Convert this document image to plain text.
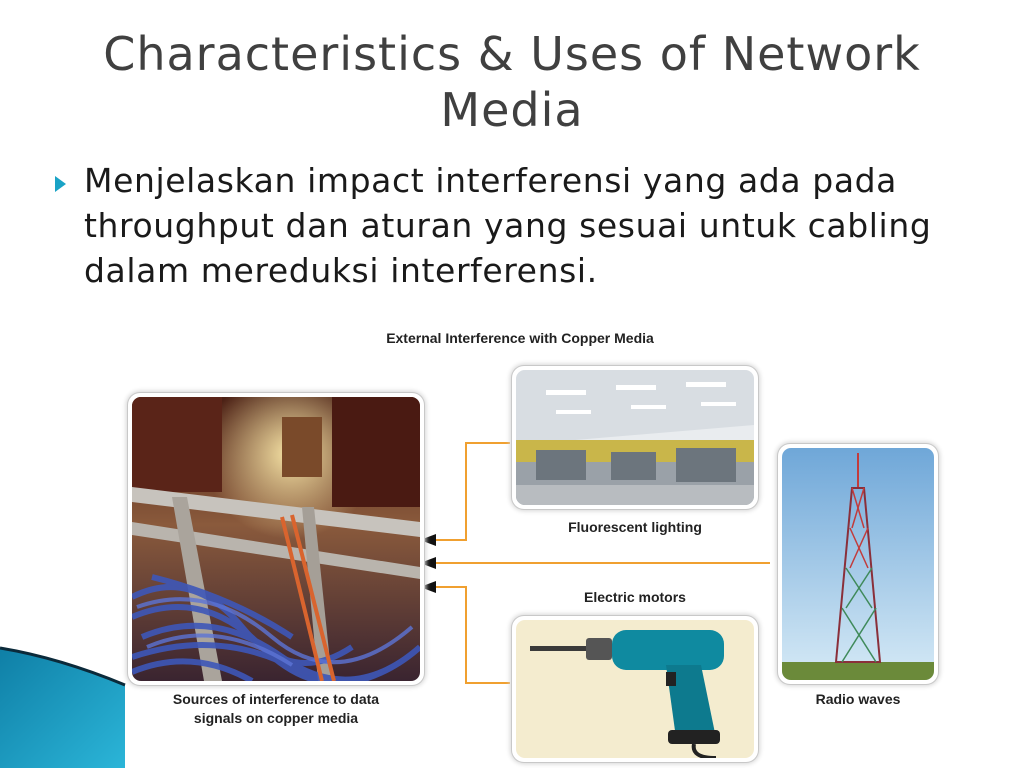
Characteristics & Uses of Network Media
Menjelaskan impact interferensi yang ada pada throughput dan aturan yang sesuai untuk cabling dalam mereduksi interferensi.
External Interference with Copper Media
Sources of interference to data
signals on copper media
Fluorescent lighting
Electric motors
Radio waves
